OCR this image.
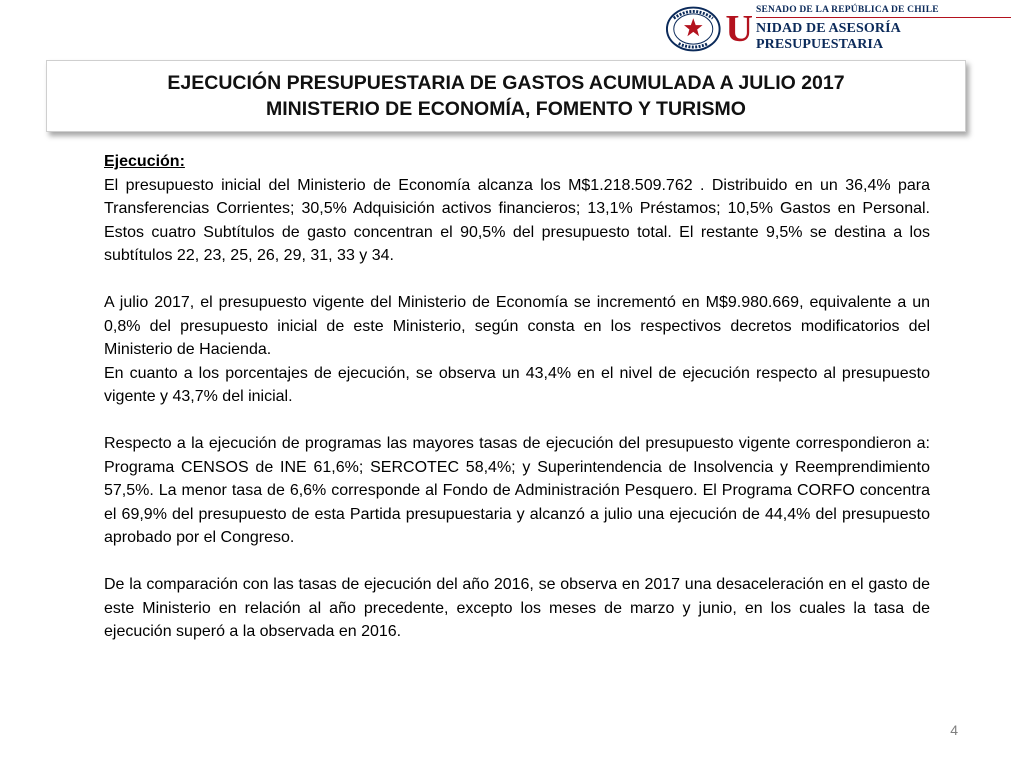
U SENADO DE LA REPÚBLICA DE CHILE
NIDAD DE ASESORÍA PRESUPUESTARIA
EJECUCIÓN PRESUPUESTARIA DE GASTOS ACUMULADA A JULIO 2017
MINISTERIO DE ECONOMÍA, FOMENTO Y TURISMO
Ejecución:

El presupuesto inicial del Ministerio de Economía alcanza los M$1.218.509.762 . Distribuido en un 36,4% para Transferencias Corrientes; 30,5% Adquisición activos financieros; 13,1% Préstamos; 10,5% Gastos en Personal. Estos cuatro Subtítulos de gasto concentran el 90,5% del presupuesto total. El restante 9,5% se destina a los subtítulos 22, 23, 25, 26, 29, 31, 33 y 34.

A julio 2017, el presupuesto vigente del Ministerio de Economía se incrementó en M$9.980.669, equivalente a un 0,8% del presupuesto inicial de este Ministerio, según consta en los respectivos decretos modificatorios del Ministerio de Hacienda.

En cuanto a los porcentajes de ejecución, se observa un 43,4% en el nivel de ejecución respecto al presupuesto vigente y 43,7% del inicial.

Respecto a la ejecución de programas las mayores tasas de ejecución del presupuesto vigente correspondieron a: Programa CENSOS de INE 61,6%; SERCOTEC 58,4%; y Superintendencia de Insolvencia y Reemprendimiento 57,5%. La menor tasa de 6,6% corresponde al Fondo de Administración Pesquero. El Programa CORFO concentra el 69,9% del presupuesto de esta Partida presupuestaria y alcanzó a julio una ejecución de 44,4% del presupuesto aprobado por el Congreso.

De la comparación con las tasas de ejecución del año 2016, se observa en 2017 una desaceleración en el gasto de este Ministerio en relación al año precedente, excepto los meses de marzo y junio, en los cuales la tasa de ejecución superó a la observada en 2016.

4
